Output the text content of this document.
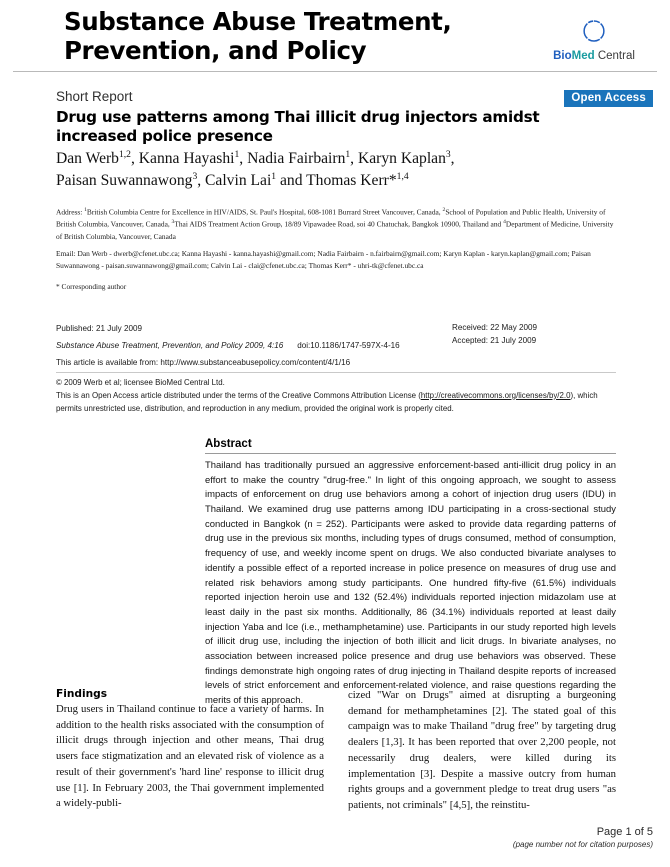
Substance Abuse Treatment, Prevention, and Policy	BioMed Central
Short Report	Open Access
Drug use patterns among Thai illicit drug injectors amidst increased police presence
Dan Werb$^{1,2}$, Kanna Hayashi$^1$, Nadia Fairbairn$^1$, Karyn Kaplan$^3$,
Paisan Suwannawong$^3$, Calvin Lai$^1$ and Thomas Kerr*$^{1,4}$
Address: $^1$British Columbia Centre for Excellence in HIV/AIDS, St. Paul's Hospital, 608-1081 Burrard Street Vancouver, Canada, $^2$School of Population and Public Health, University of British Columbia, Vancouver, Canada, $^3$Thai AIDS Treatment Action Group, 18/89 Vipawadee Road, soi 40 Chatuchak, Bangkok 10900, Thailand and $^4$Department of Medicine, University of British Columbia, Vancouver, Canada
Email: Dan Werb - dwerb@cfenet.ubc.ca; Kanna Hayashi - kanna.hayashi@gmail.com; Nadia Fairbairn - n.fairbairn@gmail.com; Karyn Kaplan - karyn.kaplan@gmail.com; Paisan Suwannawong - paisan.suwannawong@gmail.com; Calvin Lai - clai@cfenet.ubc.ca; Thomas Kerr* - uhri-tk@cfenet.ubc.ca
* Corresponding author
Published: 21 July 2009	Received: 22 May 2009
Accepted: 21 July 2009
Substance Abuse Treatment, Prevention, and Policy 2009, 4:16 doi:10.1186/1747-597X-4-16
This article is available from: http://www.substanceabusepolicy.com/content/4/1/16
© 2009 Werb et al; licensee BioMed Central Ltd.
This is an Open Access article distributed under the terms of the Creative Commons Attribution License (http://creativecommons.org/licenses/by/2.0), which permits unrestricted use, distribution, and reproduction in any medium, provided the original work is properly cited.
Abstract
Thailand has traditionally pursued an aggressive enforcement-based anti-illicit drug policy in an effort to make the country "drug-free." In light of this ongoing approach, we sought to assess impacts of enforcement on drug use behaviors among a cohort of injection drug users (IDU) in Thailand. We examined drug use patterns among IDU participating in a cross-sectional study conducted in Bangkok (n = 252). Participants were asked to provide data regarding patterns of drug use in the previous six months, including types of drugs consumed, method of consumption, frequency of use, and weekly income spent on drugs. We also conducted bivariate analyses to identify a possible effect of a reported increase in police presence on measures of drug use and related risk behaviors among study participants. One hundred fifty-five (61.5%) individuals reported injection heroin use and 132 (52.4%) individuals reported injection midazolam use at least daily in the past six months. Additionally, 86 (34.1%) individuals reported at least daily injection Yaba and Ice (i.e., methamphetamine) use. Participants in our study reported high levels of illicit drug use, including the injection of both illicit and licit drugs. In bivariate analyses, no association between increased police presence and drug use behaviors was observed. These findings demonstrate high ongoing rates of drug injecting in Thailand despite reports of increased levels of strict enforcement and enforcement-related violence, and raise questions regarding the merits of this approach.
Findings
Drug users in Thailand continue to face a variety of harms. In addition to the health risks associated with the consumption of illicit drugs through injection and other means, Thai drug users face stigmatization and an elevated risk of violence as a result of their government's 'hard line' response to illicit drug use [1]. In February 2003, the Thai government implemented a widely-publi-
cized "War on Drugs" aimed at disrupting a burgeoning demand for methamphetamines [2]. The stated goal of this campaign was to make Thailand "drug free" by targeting drug dealers [1,3]. It has been reported that over 2,200 people, not necessarily drug dealers, were killed during its implementation [3]. Despite a massive outcry from human rights groups and a government pledge to treat drug users "as patients, not criminals" [4,5], the reinstitu-
Page 1 of 5
(page number not for citation purposes)
